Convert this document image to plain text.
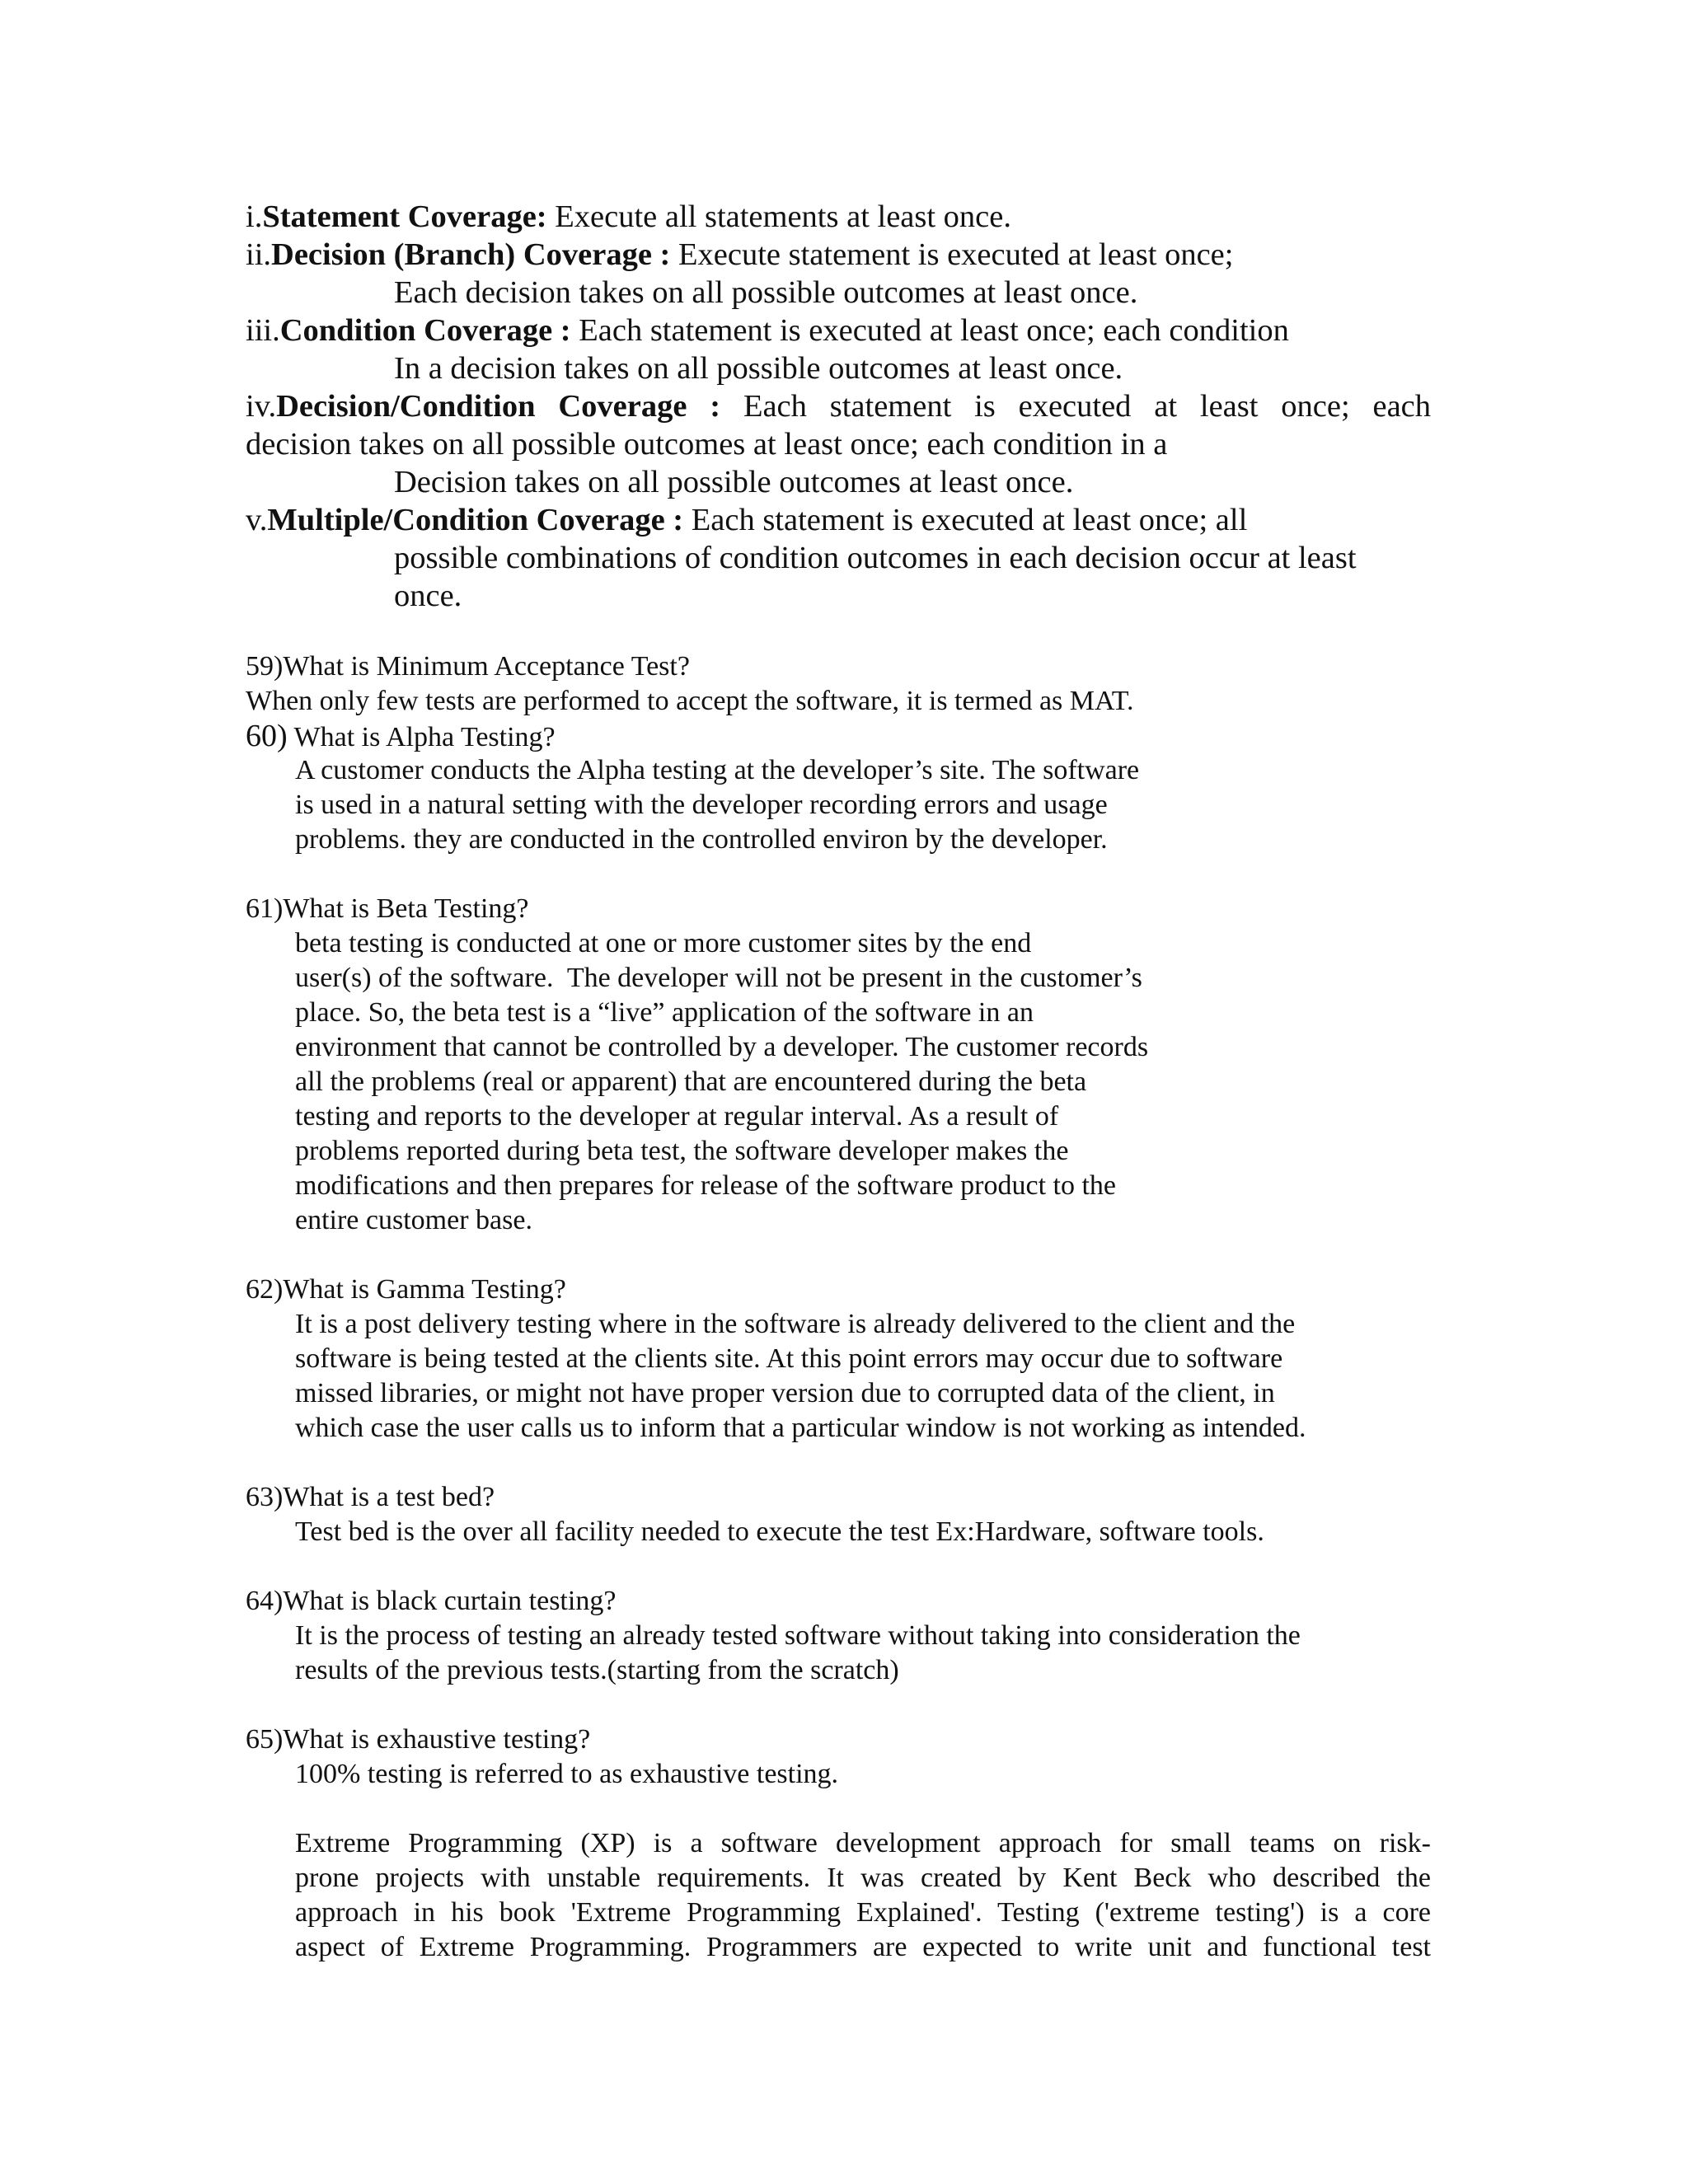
i.Statement Coverage: Execute all statements at least once.
ii.Decision (Branch) Coverage : Execute statement is executed at least once;
Each decision takes on all possible outcomes at least once.
iii.Condition Coverage : Each statement is executed at least once; each condition
In a decision takes on all possible outcomes at least once.
iv.Decision/Condition Coverage : Each statement is executed at least once; each
decision takes on all possible outcomes at least once; each condition in a
Decision takes on all possible outcomes at least once.
v.Multiple/Condition Coverage : Each statement is executed at least once; all
possible combinations of condition outcomes in each decision occur at least
once.
59)What is Minimum Acceptance Test?
When only few tests are performed to accept the software, it is termed as MAT.
60) What is Alpha Testing?
A customer conducts the Alpha testing at the developer’s site. The software
is used in a natural setting with the developer recording errors and usage
problems. they are conducted in the controlled environ by the developer.
61)What is Beta Testing?
beta testing is conducted at one or more customer sites by the end
user(s) of the software.  The developer will not be present in the customer’s
place. So, the beta test is a “live” application of the software in an
environment that cannot be controlled by a developer. The customer records
all the problems (real or apparent) that are encountered during the beta
testing and reports to the developer at regular interval. As a result of
problems reported during beta test, the software developer makes the
modifications and then prepares for release of the software product to the
entire customer base.
62)What is Gamma Testing?
It is a post delivery testing where in the software is already delivered to the client and the
software is being tested at the clients site. At this point errors may occur due to software
missed libraries, or might not have proper version due to corrupted data of the client, in
which case the user calls us to inform that a particular window is not working as intended.
63)What is a test bed?
Test bed is the over all facility needed to execute the test Ex:Hardware, software tools.
64)What is black curtain testing?
It is the process of testing an already tested software without taking into consideration the
results of the previous tests.(starting from the scratch)
65)What is exhaustive testing?
100% testing is referred to as exhaustive testing.
Extreme Programming (XP) is a software development approach for small teams on risk-
prone projects with unstable requirements. It was created by Kent Beck who described the
approach in his book 'Extreme Programming Explained'. Testing ('extreme testing') is a core
aspect of Extreme Programming. Programmers are expected to write unit and functional test
